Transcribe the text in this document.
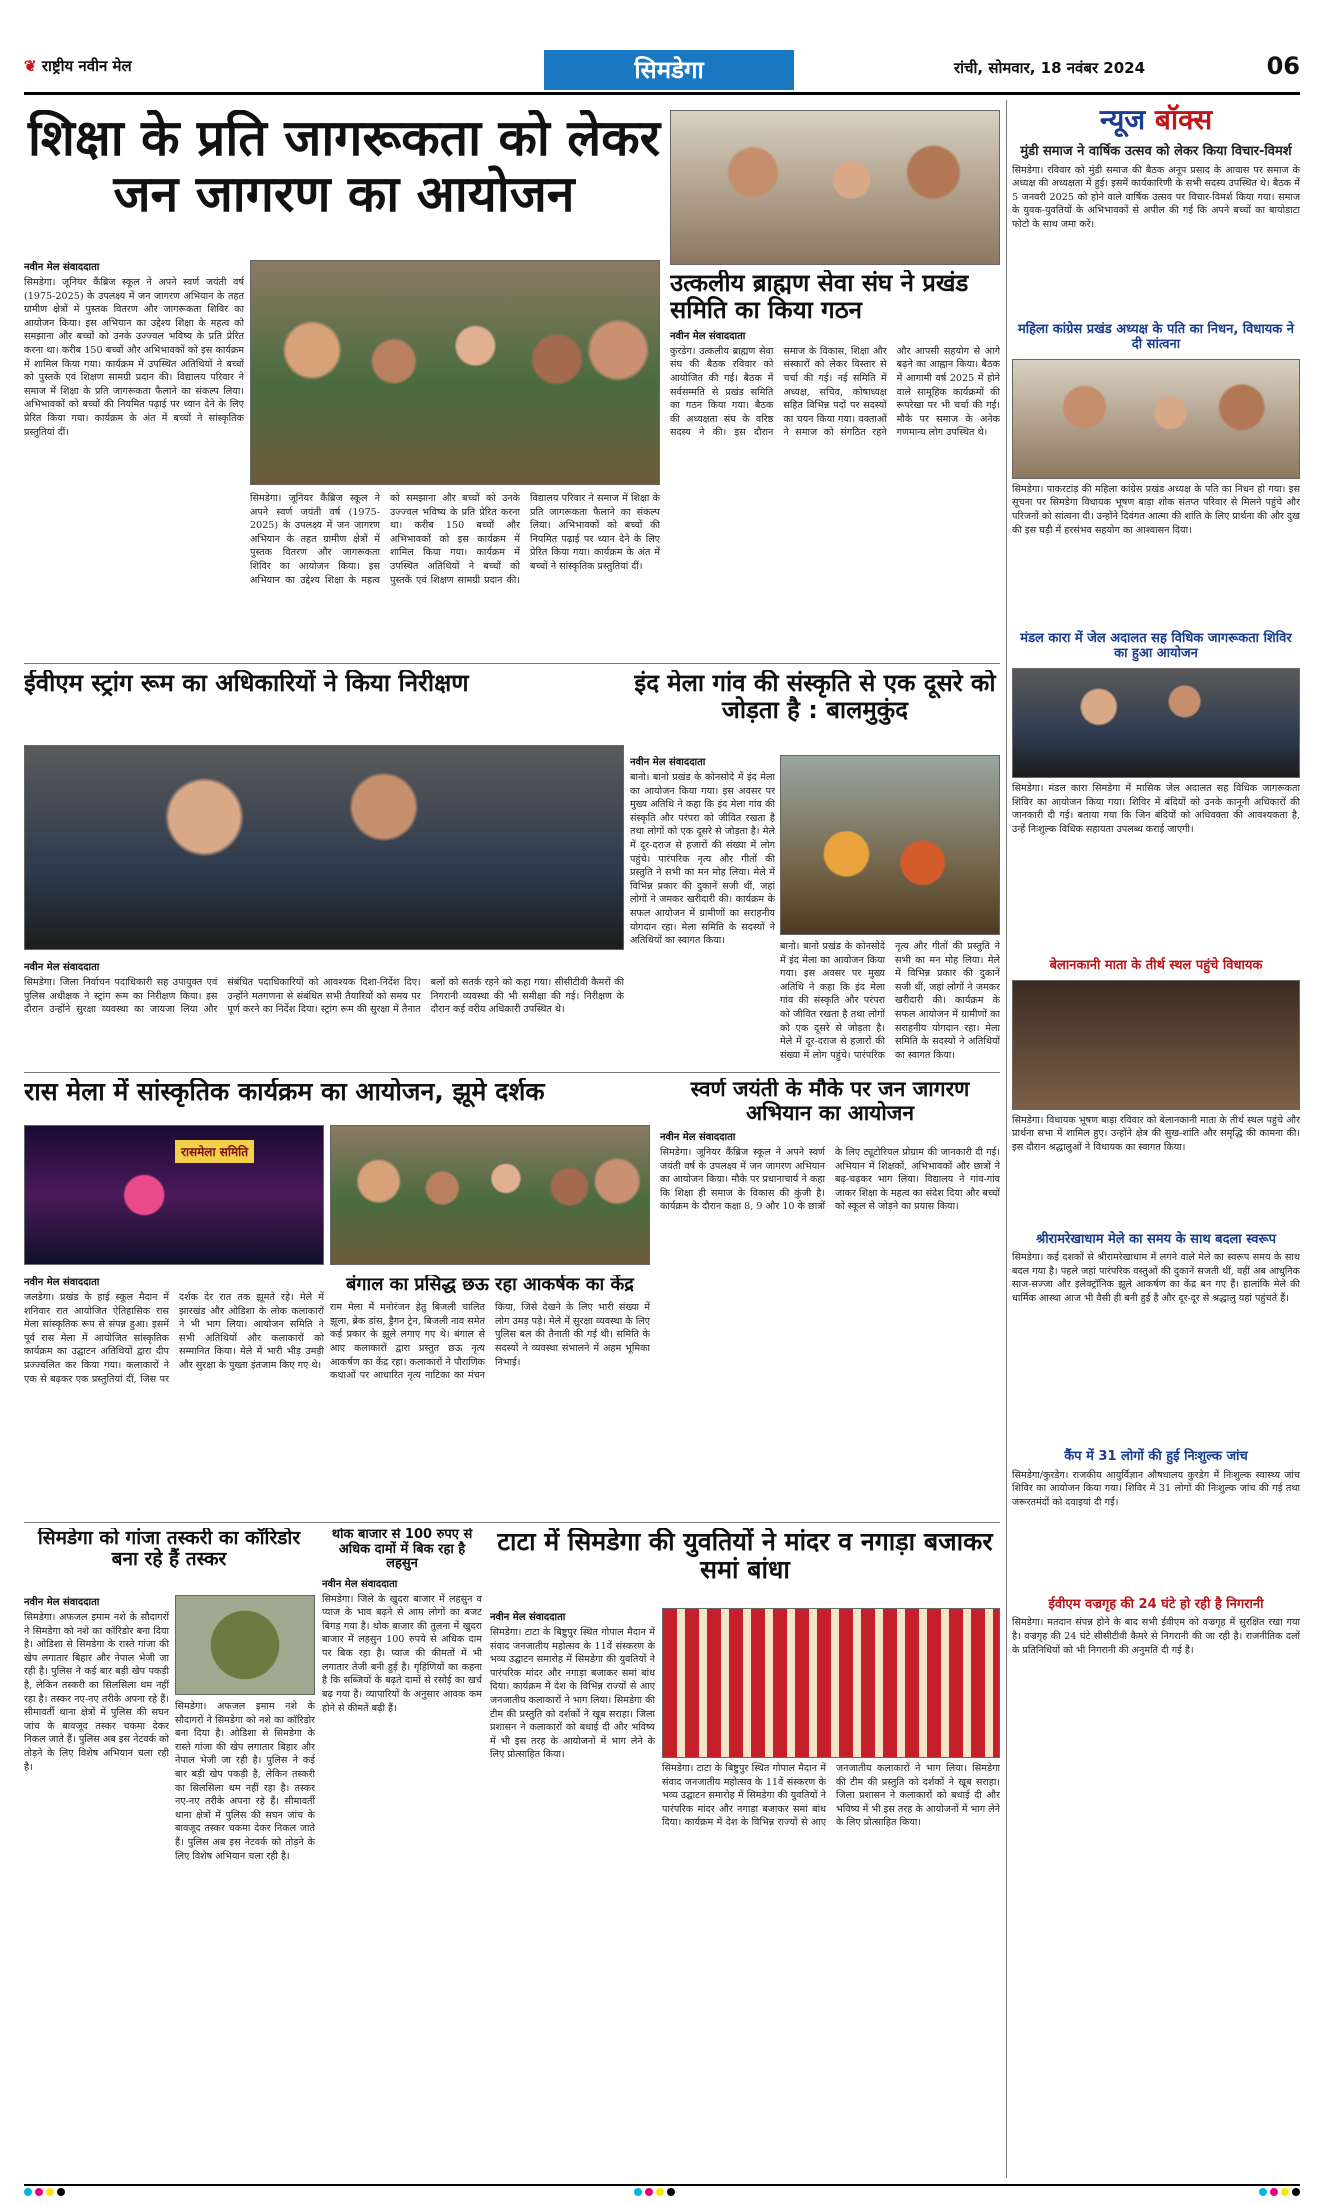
❦ राष्ट्रीय नवीन मेल	सिमडेगा	रांची, सोमवार, 18 नवंबर 2024	06
शिक्षा के प्रति जागरूकता को लेकर जन जागरण का आयोजन
नवीन मेल संवाददाता
सिमडेगा। जूनियर कैंब्रिज स्कूल ने अपने स्वर्ण जयंती वर्ष (1975-2025) के उपलक्ष्य में जन जागरण अभियान के तहत ग्रामीण क्षेत्रों में पुस्तक वितरण और जागरूकता शिविर का आयोजन किया। इस अभियान का उद्देश्य शिक्षा के महत्व को समझाना और बच्चों को उनके उज्ज्वल भविष्य के प्रति प्रेरित करना था। करीब 150 बच्चों और अभिभावकों को इस कार्यक्रम में शामिल किया गया। कार्यक्रम में उपस्थित अतिथियों ने बच्चों को पुस्तकें एवं शिक्षण सामग्री प्रदान की। विद्यालय परिवार ने समाज में शिक्षा के प्रति जागरूकता फैलाने का संकल्प लिया। अभिभावकों को बच्चों की नियमित पढ़ाई पर ध्यान देने के लिए प्रेरित किया गया। कार्यक्रम के अंत में बच्चों ने सांस्कृतिक प्रस्तुतियां दीं।
सिमडेगा। जूनियर कैंब्रिज स्कूल ने अपने स्वर्ण जयंती वर्ष (1975-2025) के उपलक्ष्य में जन जागरण अभियान के तहत ग्रामीण क्षेत्रों में पुस्तक वितरण और जागरूकता शिविर का आयोजन किया। इस अभियान का उद्देश्य शिक्षा के महत्व को समझाना और बच्चों को उनके उज्ज्वल भविष्य के प्रति प्रेरित करना था। करीब 150 बच्चों और अभिभावकों को इस कार्यक्रम में शामिल किया गया। कार्यक्रम में उपस्थित अतिथियों ने बच्चों को पुस्तकें एवं शिक्षण सामग्री प्रदान की। विद्यालय परिवार ने समाज में शिक्षा के प्रति जागरूकता फैलाने का संकल्प लिया। अभिभावकों को बच्चों की नियमित पढ़ाई पर ध्यान देने के लिए प्रेरित किया गया। कार्यक्रम के अंत में बच्चों ने सांस्कृतिक प्रस्तुतियां दीं।
उत्कलीय ब्राह्मण सेवा संघ ने प्रखंड समिति का किया गठन
नवीन मेल संवाददाता
कुरडेग। उत्कलीय ब्राह्मण सेवा संघ की बैठक रविवार को आयोजित की गई। बैठक में सर्वसम्मति से प्रखंड समिति का गठन किया गया। बैठक की अध्यक्षता संघ के वरिष्ठ सदस्य ने की। इस दौरान समाज के विकास, शिक्षा और संस्कारों को लेकर विस्तार से चर्चा की गई। नई समिति में अध्यक्ष, सचिव, कोषाध्यक्ष सहित विभिन्न पदों पर सदस्यों का चयन किया गया। वक्ताओं ने समाज को संगठित रहने और आपसी सहयोग से आगे बढ़ने का आह्वान किया। बैठक में आगामी वर्ष 2025 में होने वाले सामूहिक कार्यक्रमों की रूपरेखा पर भी चर्चा की गई। मौके पर समाज के अनेक गणमान्य लोग उपस्थित थे।
ईवीएम स्ट्रांग रूम का अधिकारियों ने किया निरीक्षण
नवीन मेल संवाददाता
सिमडेगा। जिला निर्वाचन पदाधिकारी सह उपायुक्त एवं पुलिस अधीक्षक ने स्ट्रांग रूम का निरीक्षण किया। इस दौरान उन्होंने सुरक्षा व्यवस्था का जायजा लिया और संबंधित पदाधिकारियों को आवश्यक दिशा-निर्देश दिए। उन्होंने मतगणना से संबंधित सभी तैयारियों को समय पर पूर्ण करने का निर्देश दिया। स्ट्रांग रूम की सुरक्षा में तैनात बलों को सतर्क रहने को कहा गया। सीसीटीवी कैमरों की निगरानी व्यवस्था की भी समीक्षा की गई। निरीक्षण के दौरान कई वरीय अधिकारी उपस्थित थे।
इंद मेला गांव की संस्कृति से एक दूसरे को जोड़ता है : बालमुकुंद
नवीन मेल संवाददाता
बानो। बानो प्रखंड के कोनसोदे में इंद मेला का आयोजन किया गया। इस अवसर पर मुख्य अतिथि ने कहा कि इंद मेला गांव की संस्कृति और परंपरा को जीवित रखता है तथा लोगों को एक दूसरे से जोड़ता है। मेले में दूर-दराज से हजारों की संख्या में लोग पहुंचे। पारंपरिक नृत्य और गीतों की प्रस्तुति ने सभी का मन मोह लिया। मेले में विभिन्न प्रकार की दुकानें सजी थीं, जहां लोगों ने जमकर खरीदारी की। कार्यक्रम के सफल आयोजन में ग्रामीणों का सराहनीय योगदान रहा। मेला समिति के सदस्यों ने अतिथियों का स्वागत किया।
बानो। बानो प्रखंड के कोनसोदे में इंद मेला का आयोजन किया गया। इस अवसर पर मुख्य अतिथि ने कहा कि इंद मेला गांव की संस्कृति और परंपरा को जीवित रखता है तथा लोगों को एक दूसरे से जोड़ता है। मेले में दूर-दराज से हजारों की संख्या में लोग पहुंचे। पारंपरिक नृत्य और गीतों की प्रस्तुति ने सभी का मन मोह लिया। मेले में विभिन्न प्रकार की दुकानें सजी थीं, जहां लोगों ने जमकर खरीदारी की। कार्यक्रम के सफल आयोजन में ग्रामीणों का सराहनीय योगदान रहा। मेला समिति के सदस्यों ने अतिथियों का स्वागत किया।
रास मेला में सांस्कृतिक कार्यक्रम का आयोजन, झूमे दर्शक
रासमेला समिति
नवीन मेल संवाददाता
जलडेगा। प्रखंड के हाई स्कूल मैदान में शनिवार रात आयोजित ऐतिहासिक रास मेला सांस्कृतिक रूप से संपन्न हुआ। इसमें पूर्व रास मेला में आयोजित सांस्कृतिक कार्यक्रम का उद्घाटन अतिथियों द्वारा दीप प्रज्ज्वलित कर किया गया। कलाकारों ने एक से बढ़कर एक प्रस्तुतियां दीं, जिस पर दर्शक देर रात तक झूमते रहे। मेले में झारखंड और ओडिशा के लोक कलाकारों ने भी भाग लिया। आयोजन समिति ने सभी अतिथियों और कलाकारों को सम्मानित किया। मेले में भारी भीड़ उमड़ी और सुरक्षा के पुख्ता इंतजाम किए गए थे।
बंगाल का प्रसिद्ध छऊ रहा आकर्षक का केंद्र
राम मेला में मनोरंजन हेतु बिजली चालित झूला, ब्रेक डांस, ड्रैगन ट्रेन, बिजली नाव समेत कई प्रकार के झूले लगाए गए थे। बंगाल से आए कलाकारों द्वारा प्रस्तुत छऊ नृत्य आकर्षण का केंद्र रहा। कलाकारों ने पौराणिक कथाओं पर आधारित नृत्य नाटिका का मंचन किया, जिसे देखने के लिए भारी संख्या में लोग उमड़ पड़े। मेले में सुरक्षा व्यवस्था के लिए पुलिस बल की तैनाती की गई थी। समिति के सदस्यों ने व्यवस्था संभालने में अहम भूमिका निभाई।
स्वर्ण जयंती के मौके पर जन जागरण अभियान का आयोजन
नवीन मेल संवाददाता
सिमडेगा। जूनियर कैंब्रिज स्कूल ने अपने स्वर्ण जयंती वर्ष के उपलक्ष्य में जन जागरण अभियान का आयोजन किया। मौके पर प्रधानाचार्य ने कहा कि शिक्षा ही समाज के विकास की कुंजी है। कार्यक्रम के दौरान कक्षा 8, 9 और 10 के छात्रों के लिए ट्यूटोरियल प्रोग्राम की जानकारी दी गई। अभियान में शिक्षकों, अभिभावकों और छात्रों ने बढ़-चढ़कर भाग लिया। विद्यालय ने गांव-गांव जाकर शिक्षा के महत्व का संदेश दिया और बच्चों को स्कूल से जोड़ने का प्रयास किया।
सिमडेगा को गांजा तस्करी का कॉरिडोर बना रहे हैं तस्कर
नवीन मेल संवाददाता
सिमडेगा। अफजल इमाम नशे के सौदागरों ने सिमडेगा को नशे का कॉरिडोर बना दिया है। ओडिशा से सिमडेगा के रास्ते गांजा की खेप लगातार बिहार और नेपाल भेजी जा रही है। पुलिस ने कई बार बड़ी खेप पकड़ी है, लेकिन तस्करी का सिलसिला थम नहीं रहा है। तस्कर नए-नए तरीके अपना रहे हैं। सीमावर्ती थाना क्षेत्रों में पुलिस की सघन जांच के बावजूद तस्कर चकमा देकर निकल जाते हैं। पुलिस अब इस नेटवर्क को तोड़ने के लिए विशेष अभियान चला रही है।
सिमडेगा। अफजल इमाम नशे के सौदागरों ने सिमडेगा को नशे का कॉरिडोर बना दिया है। ओडिशा से सिमडेगा के रास्ते गांजा की खेप लगातार बिहार और नेपाल भेजी जा रही है। पुलिस ने कई बार बड़ी खेप पकड़ी है, लेकिन तस्करी का सिलसिला थम नहीं रहा है। तस्कर नए-नए तरीके अपना रहे हैं। सीमावर्ती थाना क्षेत्रों में पुलिस की सघन जांच के बावजूद तस्कर चकमा देकर निकल जाते हैं। पुलिस अब इस नेटवर्क को तोड़ने के लिए विशेष अभियान चला रही है।
थोक बाजार से 100 रुपए से अधिक दामों में बिक रहा है लहसुन
नवीन मेल संवाददाता
सिमडेगा। जिले के खुदरा बाजार में लहसुन व प्याज के भाव बढ़ने से आम लोगों का बजट बिगड़ गया है। थोक बाजार की तुलना में खुदरा बाजार में लहसुन 100 रुपये से अधिक दाम पर बिक रहा है। प्याज की कीमतों में भी लगातार तेजी बनी हुई है। गृहिणियों का कहना है कि सब्जियों के बढ़ते दामों से रसोई का खर्च बढ़ गया है। व्यापारियों के अनुसार आवक कम होने से कीमतें बढ़ी हैं।
टाटा में सिमडेगा की युवतियों ने मांदर व नगाड़ा बजाकर समां बांधा
नवीन मेल संवाददाता
सिमडेगा। टाटा के बिष्टुपुर स्थित गोपाल मैदान में संवाद जनजातीय महोत्सव के 11वें संस्करण के भव्य उद्घाटन समारोह में सिमडेगा की युवतियों ने पारंपरिक मांदर और नगाड़ा बजाकर समां बांध दिया। कार्यक्रम में देश के विभिन्न राज्यों से आए जनजातीय कलाकारों ने भाग लिया। सिमडेगा की टीम की प्रस्तुति को दर्शकों ने खूब सराहा। जिला प्रशासन ने कलाकारों को बधाई दी और भविष्य में भी इस तरह के आयोजनों में भाग लेने के लिए प्रोत्साहित किया।
सिमडेगा। टाटा के बिष्टुपुर स्थित गोपाल मैदान में संवाद जनजातीय महोत्सव के 11वें संस्करण के भव्य उद्घाटन समारोह में सिमडेगा की युवतियों ने पारंपरिक मांदर और नगाड़ा बजाकर समां बांध दिया। कार्यक्रम में देश के विभिन्न राज्यों से आए जनजातीय कलाकारों ने भाग लिया। सिमडेगा की टीम की प्रस्तुति को दर्शकों ने खूब सराहा। जिला प्रशासन ने कलाकारों को बधाई दी और भविष्य में भी इस तरह के आयोजनों में भाग लेने के लिए प्रोत्साहित किया।
न्यूज बॉक्स
मुंडी समाज ने वार्षिक उत्सव को लेकर किया विचार-विमर्श
सिमडेगा। रविवार को मुंडी समाज की बैठक अनूप प्रसाद के आवास पर समाज के अध्यक्ष की अध्यक्षता में हुई। इसमें कार्यकारिणी के सभी सदस्य उपस्थित थे। बैठक में 5 जनवरी 2025 को होने वाले वार्षिक उत्सव पर विचार-विमर्श किया गया। समाज के युवक-युवतियों के अभिभावकों से अपील की गई कि अपने बच्चों का बायोडाटा फोटो के साथ जमा करें।
महिला कांग्रेस प्रखंड अध्यक्ष के पति का निधन, विधायक ने दी सांत्वना
सिमडेगा। पाकरटांड़ की महिला कांग्रेस प्रखंड अध्यक्ष के पति का निधन हो गया। इस सूचना पर सिमडेगा विधायक भूषण बाड़ा शोक संतप्त परिवार से मिलने पहुंचे और परिजनों को सांत्वना दी। उन्होंने दिवंगत आत्मा की शांति के लिए प्रार्थना की और दुख की इस घड़ी में हरसंभव सहयोग का आश्वासन दिया।
मंडल कारा में जेल अदालत सह विधिक जागरूकता शिविर का हुआ आयोजन
सिमडेगा। मंडल कारा सिमडेगा में मासिक जेल अदालत सह विधिक जागरूकता शिविर का आयोजन किया गया। शिविर में बंदियों को उनके कानूनी अधिकारों की जानकारी दी गई। बताया गया कि जिन बंदियों को अधिवक्ता की आवश्यकता है, उन्हें निःशुल्क विधिक सहायता उपलब्ध कराई जाएगी।
बेलानकानी माता के तीर्थ स्थल पहुंचे विधायक
सिमडेगा। विधायक भूषण बाड़ा रविवार को बेलानकानी माता के तीर्थ स्थल पहुंचे और प्रार्थना सभा में शामिल हुए। उन्होंने क्षेत्र की सुख-शांति और समृद्धि की कामना की। इस दौरान श्रद्धालुओं ने विधायक का स्वागत किया।
श्रीरामरेखाधाम मेले का समय के साथ बदला स्वरूप
सिमडेगा। कई दशकों से श्रीरामरेखाधाम में लगने वाले मेले का स्वरूप समय के साथ बदल गया है। पहले जहां पारंपरिक वस्तुओं की दुकानें सजती थीं, वहीं अब आधुनिक साज-सज्जा और इलेक्ट्रॉनिक झूले आकर्षण का केंद्र बन गए हैं। हालांकि मेले की धार्मिक आस्था आज भी वैसी ही बनी हुई है और दूर-दूर से श्रद्धालु यहां पहुंचते हैं।
कैंप में 31 लोगों की हुई निःशुल्क जांच
सिमडेगा/कुरडेग। राजकीय आयुर्विज्ञान औषधालय कुरडेग में निःशुल्क स्वास्थ्य जांच शिविर का आयोजन किया गया। शिविर में 31 लोगों की निःशुल्क जांच की गई तथा जरूरतमंदों को दवाइयां दी गईं।
ईवीएम वज्रगृह की 24 घंटे हो रही है निगरानी
सिमडेगा। मतदान संपन्न होने के बाद सभी ईवीएम को वज्रगृह में सुरक्षित रखा गया है। वज्रगृह की 24 घंटे सीसीटीवी कैमरे से निगरानी की जा रही है। राजनीतिक दलों के प्रतिनिधियों को भी निगरानी की अनुमति दी गई है।
